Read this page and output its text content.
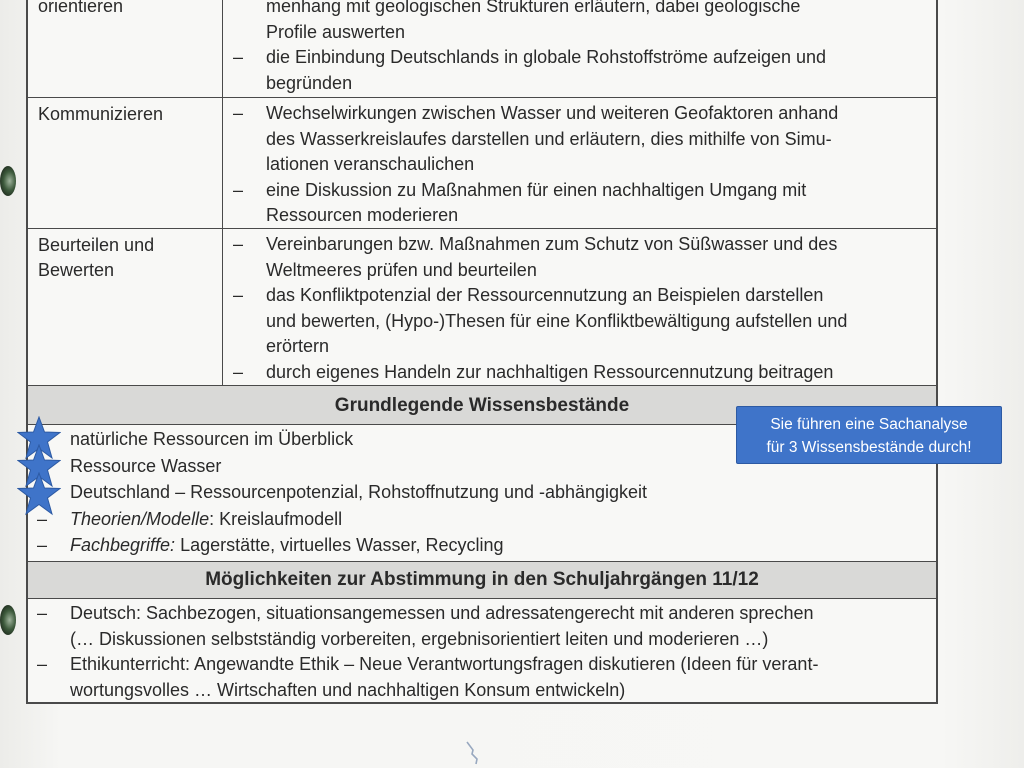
orientieren	menhang mit geologischen Strukturen erläutern, dabei geologische
Profile auswerten
– die Einbindung Deutschlands in globale Rohstoffströme aufzeigen und
begründen
Kommunizieren	– Wechselwirkungen zwischen Wasser und weiteren Geofaktoren anhand
des Wasserkreislaufes darstellen und erläutern, dies mithilfe von Simu-
lationen veranschaulichen
– eine Diskussion zu Maßnahmen für einen nachhaltigen Umgang mit
Ressourcen moderieren
Beurteilen und
Bewerten
– Vereinbarungen bzw. Maßnahmen zum Schutz von Süßwasser und des
Weltmeeres prüfen und beurteilen
– das Konfliktpotenzial der Ressourcennutzung an Beispielen darstellen
und bewerten, (Hypo-)Thesen für eine Konfliktbewältigung aufstellen und
erörtern
– durch eigenes Handeln zur nachhaltigen Ressourcennutzung beitragen
Grundlegende Wissensbestände
natürliche Ressourcen im Überblick
Ressource Wasser
Deutschland – Ressourcenpotenzial, Rohstoffnutzung und -abhängigkeit
– Theorien/Modelle: Kreislaufmodell
– Fachbegriffe: Lagerstätte, virtuelles Wasser, Recycling
Möglichkeiten zur Abstimmung in den Schuljahrgängen 11/12
– Deutsch: Sachbezogen, situationsangemessen und adressatengerecht mit anderen sprechen
(… Diskussionen selbstständig vorbereiten, ergebnisorientiert leiten und moderieren …)
– Ethikunterricht: Angewandte Ethik – Neue Verantwortungsfragen diskutieren (Ideen für verant-
wortungsvolles … Wirtschaften und nachhaltigen Konsum entwickeln)
Sie führen eine Sachanalyse
für 3 Wissensbestände durch!
